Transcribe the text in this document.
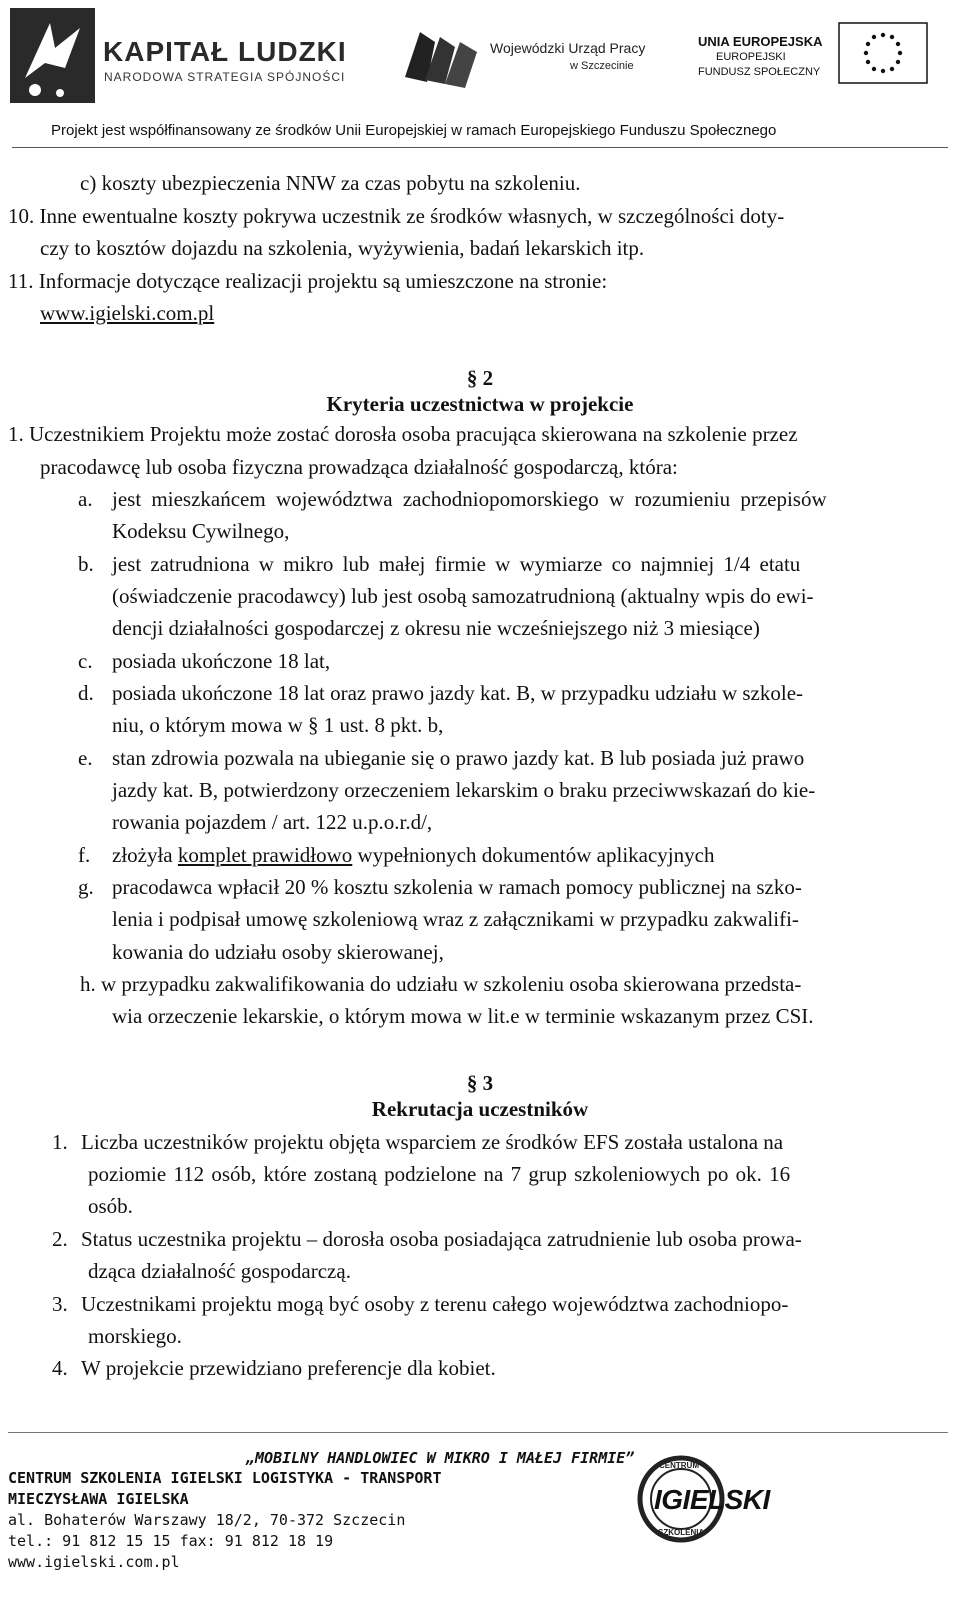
KAPITAŁ LUDZKI
NARODOWA STRATEGIA SPÓJNOŚCI
Wojewódzki Urząd Pracy
w Szczecinie
UNIA EUROPEJSKA
EUROPEJSKI
FUNDUSZ SPOŁECZNY
Projekt jest współfinansowany ze środków Unii Europejskiej w ramach Europejskiego Funduszu Społecznego
c) koszty ubezpieczenia NNW za czas pobytu na szkoleniu.
10. Inne ewentualne koszty pokrywa uczestnik ze środków własnych, w szczególności doty-
czy to kosztów dojazdu na szkolenia, wyżywienia, badań lekarskich itp.
11. Informacje dotyczące realizacji projektu są umieszczone na stronie:
www.igielski.com.pl
§ 2
Kryteria uczestnictwa w projekcie
1. Uczestnikiem Projektu może zostać dorosła osoba pracująca skierowana na szkolenie przez
pracodawcę lub osoba fizyczna prowadząca działalność gospodarczą, która:
a. jest mieszkańcem województwa zachodniopomorskiego w rozumieniu przepisów
Kodeksu Cywilnego,
b. jest zatrudniona w mikro lub małej firmie w wymiarze co najmniej 1/4 etatu
(oświadczenie pracodawcy) lub jest osobą samozatrudnioną (aktualny wpis do ewi-
dencji działalności gospodarczej z okresu nie wcześniejszego niż 3 miesiące)
c. posiada ukończone 18 lat,
d. posiada ukończone 18 lat oraz prawo jazdy kat. B, w przypadku udziału w szkole-
niu, o którym mowa w § 1 ust. 8 pkt. b,
e. stan zdrowia pozwala na ubieganie się o prawo jazdy kat. B lub posiada już prawo
jazdy kat. B, potwierdzony orzeczeniem lekarskim o braku przeciwwskazań do kie-
rowania pojazdem / art. 122 u.p.o.r.d/,
f. złożyła komplet prawidłowo wypełnionych dokumentów aplikacyjnych
g. pracodawca wpłacił 20 % kosztu szkolenia w ramach pomocy publicznej na szko-
lenia i podpisał umowę szkoleniową wraz z załącznikami w przypadku zakwalifi-
kowania do udziału osoby skierowanej,
h. w przypadku zakwalifikowania do udziału w szkoleniu osoba skierowana przedsta-
wia orzeczenie lekarskie, o którym mowa w lit.e w terminie wskazanym przez CSI.
§ 3
Rekrutacja uczestników
1. Liczba uczestników projektu objęta wsparciem ze środków EFS została ustalona na
poziomie 112 osób, które zostaną podzielone na 7 grup szkoleniowych po ok. 16
osób.
2. Status uczestnika projektu – dorosła osoba posiadająca zatrudnienie lub osoba prowa-
dząca działalność gospodarczą.
3. Uczestnikami projektu mogą być osoby z terenu całego województwa zachodniopo-
morskiego.
4. W projekcie przewidziano preferencje dla kobiet.
„MOBILNY HANDLOWIEC W MIKRO I MAŁEJ FIRMIE”
CENTRUM SZKOLENIA IGIELSKI LOGISTYKA - TRANSPORT
MIECZYSŁAWA IGIELSKA
al. Bohaterów Warszawy 18/2, 70-372 Szczecin
tel.: 91 812 15 15 fax: 91 812 18 19
www.igielski.com.pl
CENTRUM
SZKOLENIA
IGIELSKI
